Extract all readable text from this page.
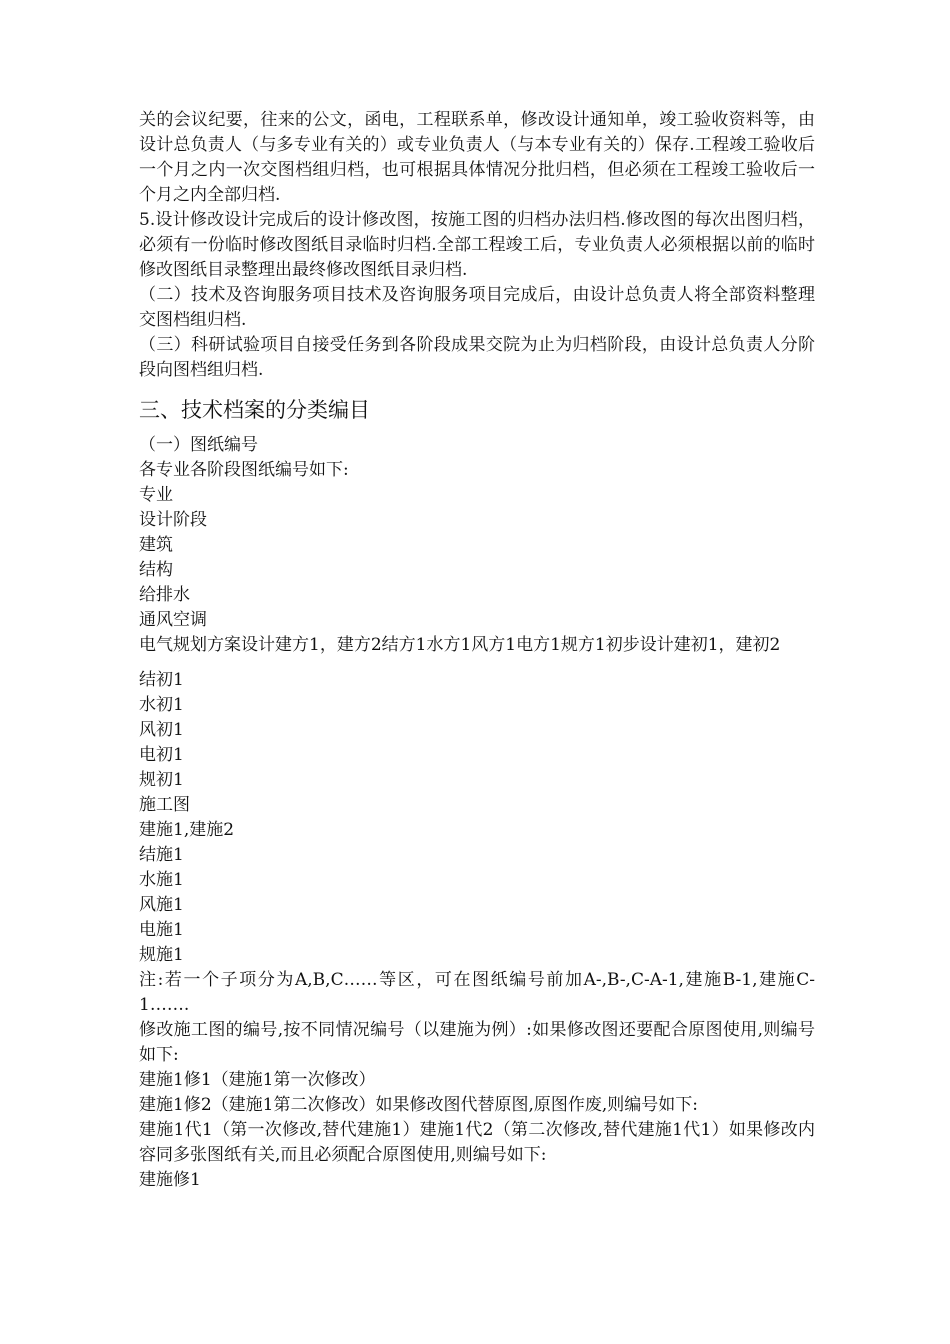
关的会议纪要，往来的公文，函电，工程联系单，修改设计通知单，竣工验收资料等，由设计总负责人（与多专业有关的）或专业负责人（与本专业有关的）保存.工程竣工验收后一个月之内一次交图档组归档，也可根据具体情况分批归档，但必须在工程竣工验收后一个月之内全部归档.

5.设计修改设计完成后的设计修改图，按施工图的归档办法归档.修改图的每次出图归档，必须有一份临时修改图纸目录临时归档.全部工程竣工后，专业负责人必须根据以前的临时修改图纸目录整理出最终修改图纸目录归档.

（二）技术及咨询服务项目技术及咨询服务项目完成后，由设计总负责人将全部资料整理交图档组归档.

（三）科研试验项目自接受任务到各阶段成果交院为止为归档阶段，由设计总负责人分阶段向图档组归档.

三、技术档案的分类编目

（一）图纸编号

各专业各阶段图纸编号如下:

专业

设计阶段

建筑

结构

给排水

通风空调

电气规划方案设计建方1，建方2结方1水方1风方1电方1规方1初步设计建初1，建初2

结初1

水初1

风初1

电初1

规初1

施工图

建施1,建施2

结施1

水施1

风施1

电施1

规施1

注:若一个子项分为A,B,C……等区，可在图纸编号前加A-,B-,C-A-1,建施B-1,建施C-1…….

修改施工图的编号,按不同情况编号（以建施为例）:如果修改图还要配合原图使用,则编号如下:

建施1修1（建施1第一次修改）

建施1修2（建施1第二次修改）如果修改图代替原图,原图作废,则编号如下:

建施1代1（第一次修改,替代建施1）建施1代2（第二次修改,替代建施1代1）如果修改内容同多张图纸有关,而且必须配合原图使用,则编号如下:

建施修1
